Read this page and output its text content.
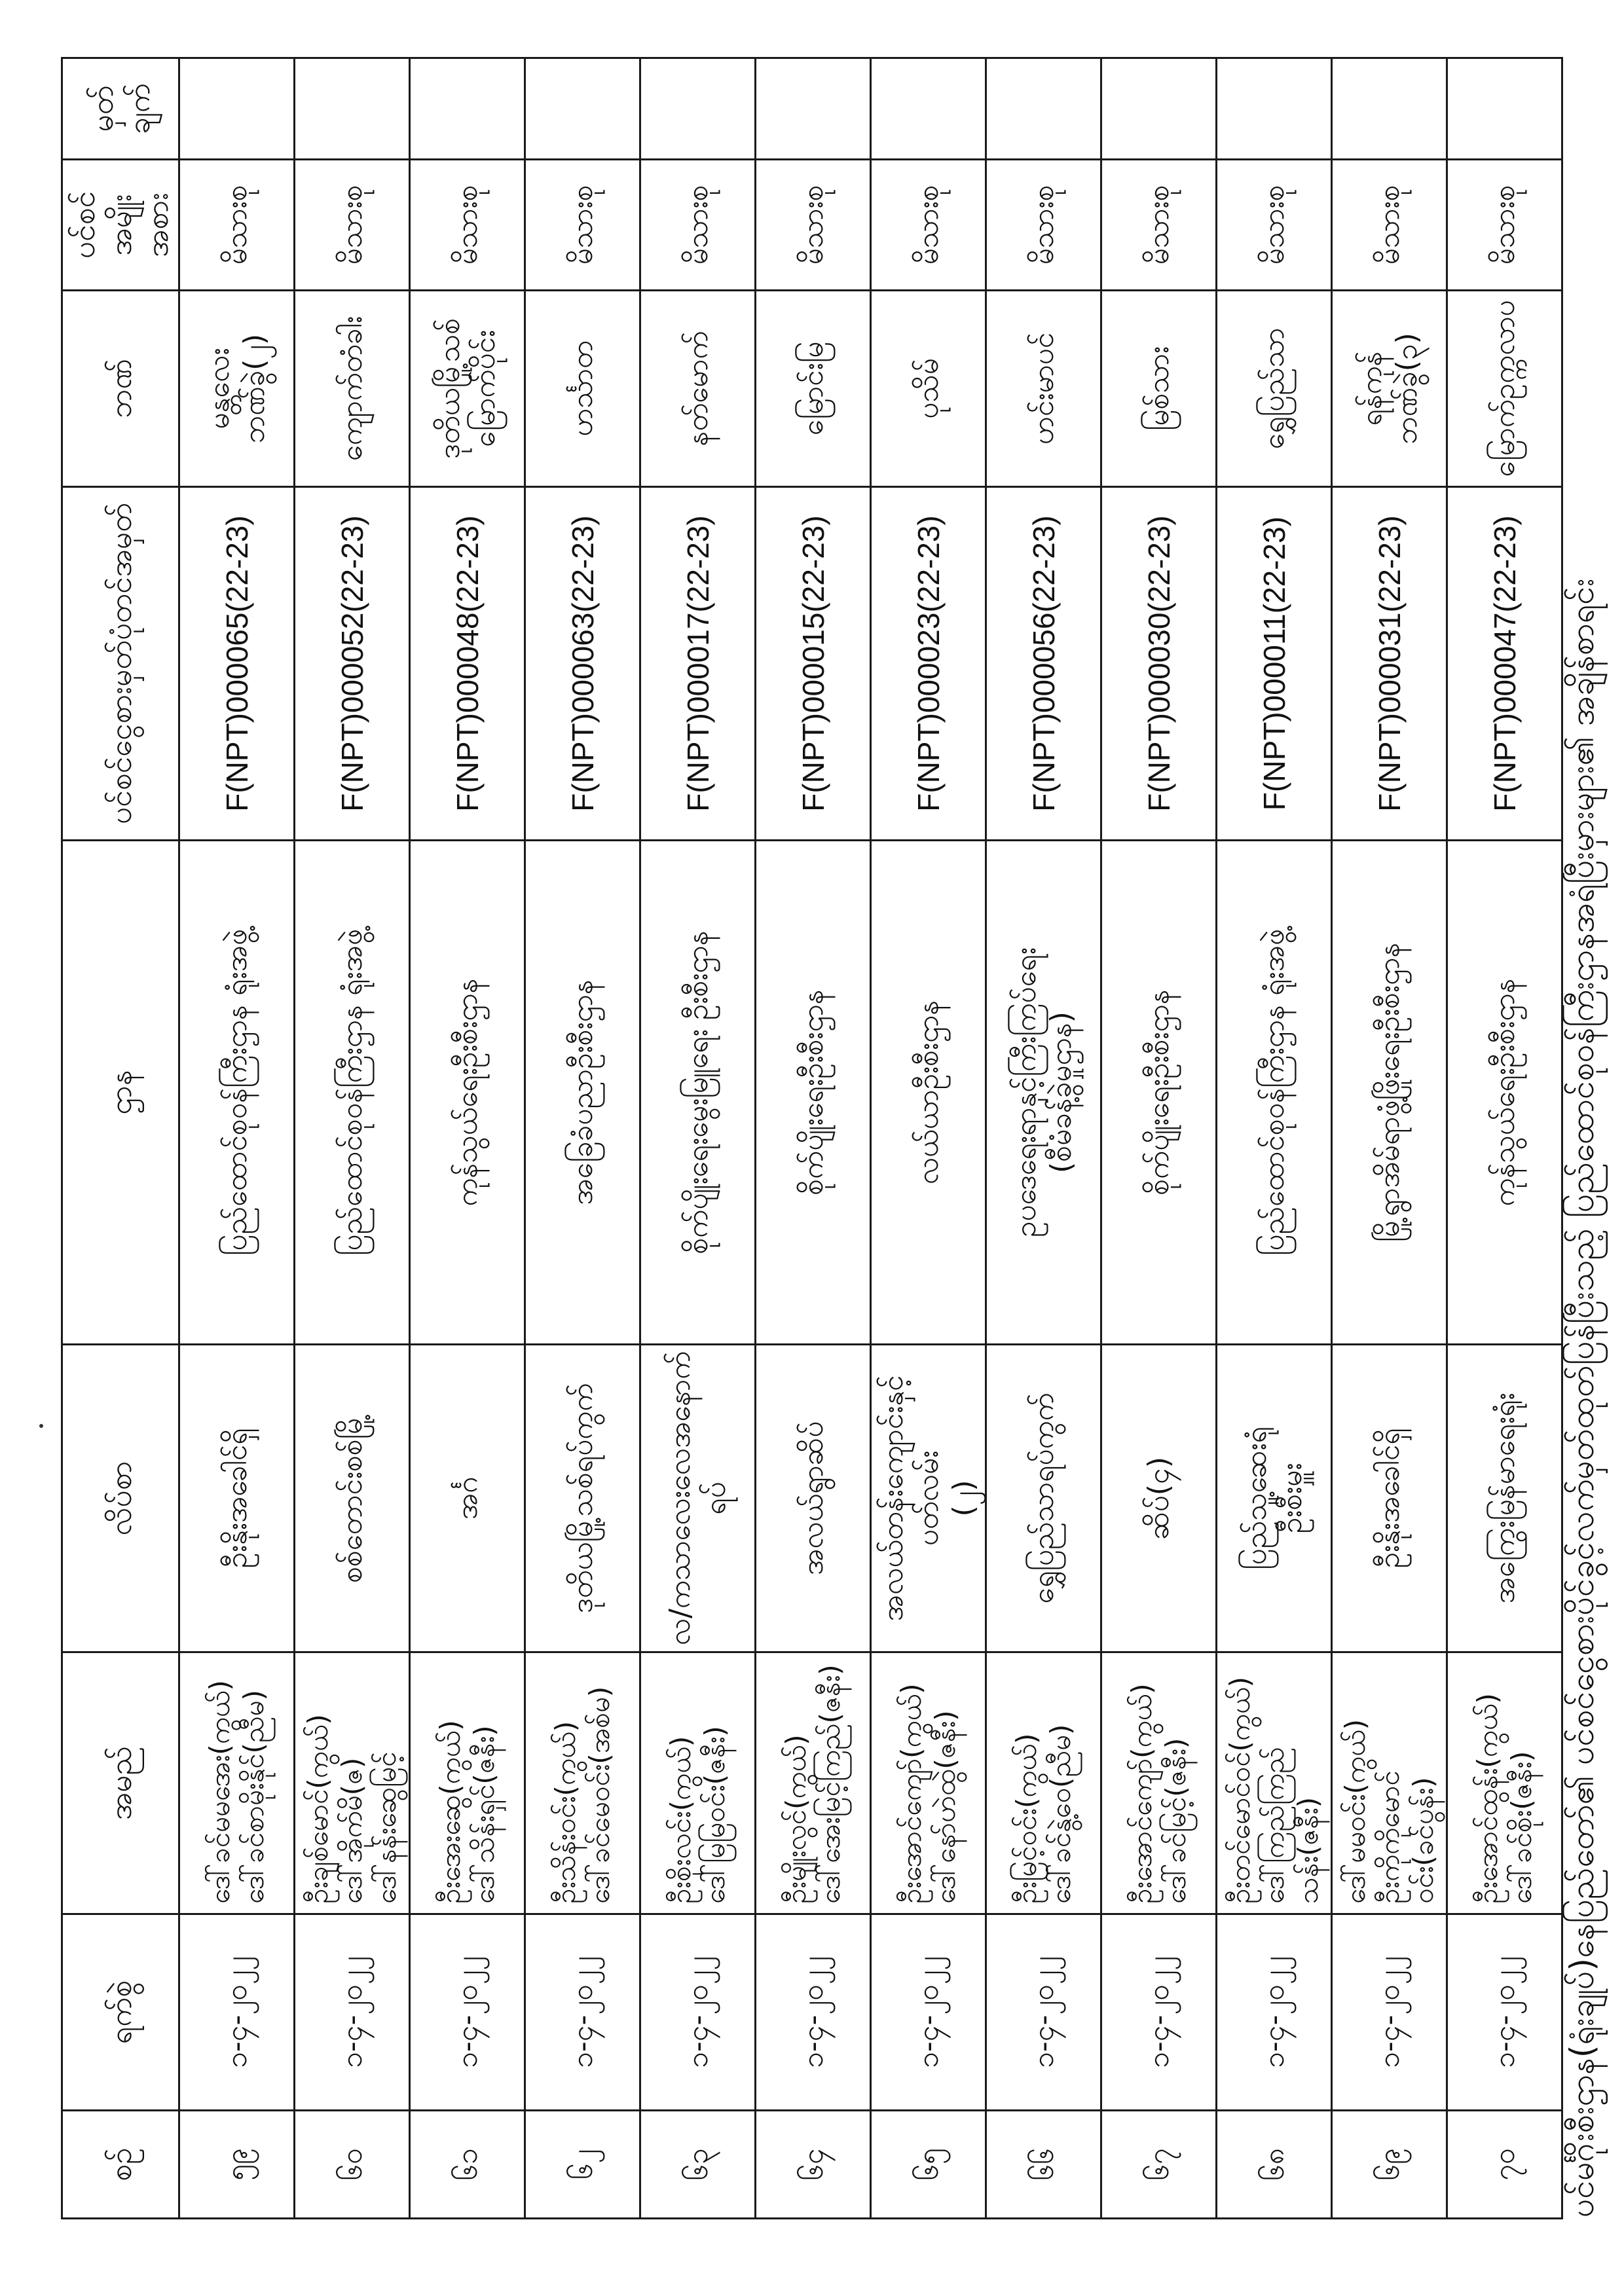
ပင်မင်္ဂိုးစီးဌာန(ရုံးချုပ်)နေပြည်တော်၏ ပင်စင်ငွေစားပိုင်ခွင့်လက်မှတ်ထုတ်ပြန်ပြီးသည့် ပြည်ထောင်စုဝန်ကြီးဌာနအရံပြီးမှားများ၏ အချိန်စာရင်း
စဉ်	ရက်စွဲ	အမည်	လိပ်စာ	ဌာန	ပင်စင်ငွေစားမှတ်ပုံတင်အမှတ်	ဘဏ်	ပင်စင် အမျိုးအစား	မှတ် ချက်
၅၉	၁-၄-၂၀၂၂	ဒေါ်ခင်မမအေး(ကွယ်) ဒေါ်ခင်စာမိုးနိုင်(ညီမ)	ဦးနိုးအခေါင်ရှိ	ပြည်ထောင်စုဝန်ကြီးဌာန ရုံးအဖွဲ့	F(NPT)000065(22-23)	မန္တလေး ဘဏ်ခွဲ(၂)	မိသားစု	
၆၀	၁-၄-၂၀၂၂	ဦးချစ်မောင်(ကွယ်) ဒေါ်အိုက်မိ(ဇ) ဒေါ်နန်းဆွေမြင့်	စစ်တောင်းစစ်မြို့	ပြည်ထောင်စုဝန်ကြီးဌာန ရုံးအဖွဲ့	F(NPT)000052(22-23)	ကျောက်တံခါး	မိသားစု	
၆၁	၁-၄-၂၀၂၂	ဦးအေးဆွေ(ကွယ်) ဒေါ်သိန်းရှင်(ဇနီး)	အင်္ဂ	ကုန်သွယ်ရေးဦးစီးဌာန	F(NPT)000048(22-23)	ဒုတိယမြို့သစ် မြောက်ပိုင်း	မိသားစု	
၆၂	၁-၄-၂၀၂၂	ဦးသိန်းဝင်း(ကွယ်) ဒေါ်ခင်မေဝင်း(အစ်မ)	ဒုတိယမြို့သစ်ရပ်ကွက်	အခြေခံပညာဦးစီးဌာန	F(NPT)000063(22-23)	ဟင်္သာတ	မိသားစု	
၆၃	၁-၄-၂၀၂၂	ဦးစိုးလင်း(ကွယ်) ဒေါ်မြမြဝင်း(ဇနီး)	လ/ကသာလေးလေအနောက်ရပ်	စိုက်ပျိုးရေးမွေးမြူရေး ဦးစီးဌာန	F(NPT)000017(22-23)	နတ်မောက်	မိသားစု	
၆၄	၁-၄-၂၀၂၂	ဦးမျိုးလွင်(ကွယ်) ဒေါ်အေးမြင့်ကြည်(ဇနီး)	အလယ်ရွာဆိပ်	စိုက်ပျိုးရေးဦးစီးဌာန	F(NPT)000015(22-23)	မြောင်းမြ	မိသားစု	
၆၅	၁-၄-၂၀၂၂	ဦးအောင်ကျော်(ကွယ်) ဒေါ်နော်ဟဲထွဲ(ဇနီး)	အလယ်တန်းကျောင်းနှင့် ပတ်လမ်း (၂)	လယ်ယာဦးစီးဌာန	F(NPT)000023(22-23)	ပုသိမ်	မိသားစု	
၆၆	၁-၄-၂၀၂၂	ဦးမြင့်ဝင်း(ကွယ်) ဒေါ်ခင်နွဲ့ဝေ(ညီမ)	ရွှေပြည်သာရပ်ကွက်	ဥပဒေရေးရာနှင့်ကြီးကြပ်ရေး (စီမံခန့်ခွဲမှုဌာန)	F(NPT)000056(22-23)	ဟင်းမာပင်	မိသားစု	
၆၇	၁-၄-၂၀၂၂	ဦးအောင်ကျော်(ကွယ်) ဒေါ်ခင်မြင့်(ဇနီး)	ဆိပ်(၄)	စိုက်ပျိုးရေးဦးစီးဌာန	F(NPT)000030(22-23)	မြစ်သား	မိသားစု	
၆၈	၁-၄-၂၀၂၂	ဦးတင်မောင်ဝင်(ကွယ်) ဒေါ်ကြည်ကြည်သန်း(ဇနီး)	ပြည်သူ့ဆေးရုံ ဦးစီးမှူး	ပြည်ထောင်စုဝန်ကြီးဌာန ရုံးအဖွဲ့	F(NPT)000011(22-23)	ရွှေပြည်သာ	မိသားစု	
၆၉	၁-၄-၂၀၂၂	ဒေါ်မမဝင်း(ကွယ်) ဦးကိုကိုမောင်ဝင်း(ခင်ပွန်း)	ဦးနိုးအခေါင်ရှိ	မြို့ရွာအိမ်ရာဖွံ့ဖြိုးရေးဦးစီးဌာန	F(NPT)000031(22-23)	ရန်ကုန် ဘဏ်ခွဲ(၃)	မိသားစု	
၇၀	၁-၄-၂၀၂၂	ဦးအောင်ထွန်း(ကွယ်) ဒေါ်ခင်စိုး(ဇနီး)	အကြွေးမြန်မာရေးရုံး	ကုန်သွယ်ရေးဦးစီးဌာန	F(NPT)000047(22-23)	မြောက်ဥက္ကလာပ	မိသားစု	
